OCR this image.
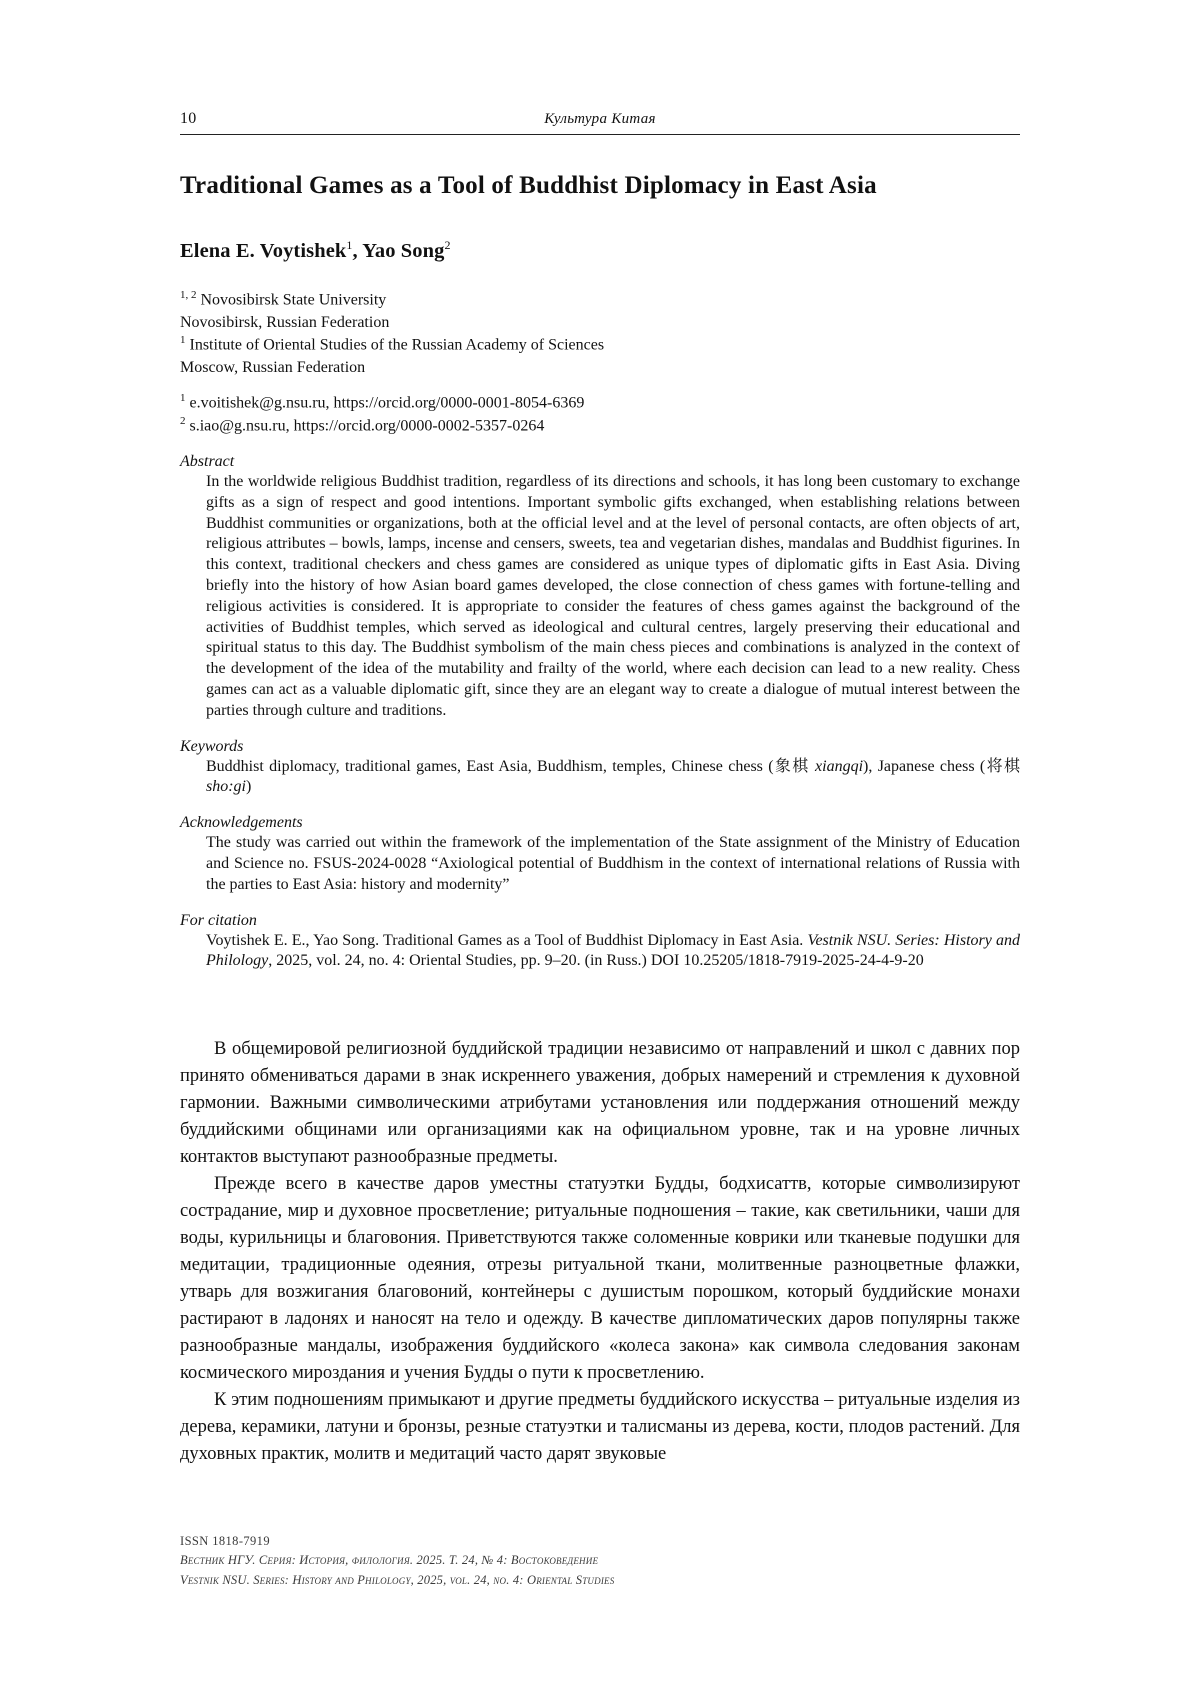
10	Культура Китая
Traditional Games as a Tool of Buddhist Diplomacy in East Asia
Elena E. Voytishek$^1$, Yao Song$^2$
$^{1, 2}$ Novosibirsk State University
Novosibirsk, Russian Federation
$^1$ Institute of Oriental Studies of the Russian Academy of Sciences
Moscow, Russian Federation
$^1$ e.voitishek@g.nsu.ru, https://orcid.org/0000-0001-8054-6369
$^2$ s.iao@g.nsu.ru, https://orcid.org/0000-0002-5357-0264
Abstract
In the worldwide religious Buddhist tradition, regardless of its directions and schools, it has long been customary to exchange gifts as a sign of respect and good intentions. Important symbolic gifts exchanged, when establishing relations between Buddhist communities or organizations, both at the official level and at the level of personal contacts, are often objects of art, religious attributes – bowls, lamps, incense and censers, sweets, tea and vegetarian dishes, mandalas and Buddhist figurines. In this context, traditional checkers and chess games are considered as unique types of diplomatic gifts in East Asia. Diving briefly into the history of how Asian board games developed, the close connection of chess games with fortune-telling and religious activities is considered. It is appropriate to consider the features of chess games against the background of the activities of Buddhist temples, which served as ideological and cultural centres, largely preserving their educational and spiritual status to this day. The Buddhist symbolism of the main chess pieces and combinations is analyzed in the context of the development of the idea of the mutability and frailty of the world, where each decision can lead to a new reality. Chess games can act as a valuable diplomatic gift, since they are an elegant way to create a dialogue of mutual interest between the parties through culture and traditions.
Keywords
Buddhist diplomacy, traditional games, East Asia, Buddhism, temples, Chinese chess (象棋 xiangqi), Japanese chess (将棋 sho:gi)
Acknowledgements
The study was carried out within the framework of the implementation of the State assignment of the Ministry of Education and Science no. FSUS-2024-0028 “Axiological potential of Buddhism in the context of international relations of Russia with the parties to East Asia: history and modernity”
For citation
Voytishek E. E., Yao Song. Traditional Games as a Tool of Buddhist Diplomacy in East Asia. Vestnik NSU. Series: History and Philology, 2025, vol. 24, no. 4: Oriental Studies, pp. 9–20. (in Russ.) DOI 10.25205/1818-7919-2025-24-4-9-20

В общемировой религиозной буддийской традиции независимо от направлений и школ с давних пор принято обмениваться дарами в знак искреннего уважения, добрых намерений и стремления к духовной гармонии. Важными символическими атрибутами установления или поддержания отношений между буддийскими общинами или организациями как на официальном уровне, так и на уровне личных контактов выступают разнообразные предметы.

Прежде всего в качестве даров уместны статуэтки Будды, бодхисаттв, которые символизируют сострадание, мир и духовное просветление; ритуальные подношения – такие, как светильники, чаши для воды, курильницы и благовония. Приветствуются также соломенные коврики или тканевые подушки для медитации, традиционные одеяния, отрезы ритуальной ткани, молитвенные разноцветные флажки, утварь для возжигания благовоний, контейнеры с душистым порошком, который буддийские монахи растирают в ладонях и наносят на тело и одежду. В качестве дипломатических даров популярны также разнообразные мандалы, изображения буддийского «колеса закона» как символа следования законам космического мироздания и учения Будды о пути к просветлению.

К этим подношениям примыкают и другие предметы буддийского искусства – ритуальные изделия из дерева, керамики, латуни и бронзы, резные статуэтки и талисманы из дерева, кости, плодов растений. Для духовных практик, молитв и медитаций часто дарят звуковые

ISSN 1818-7919
Вестник НГУ. Серия: История, филология. 2025. Т. 24, № 4: Востоковедение
Vestnik NSU. Series: History and Philology, 2025, vol. 24, no. 4: Oriental Studies
